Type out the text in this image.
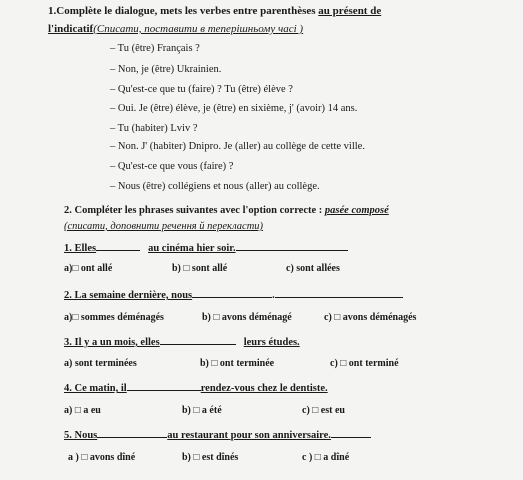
1.Complète le dialogue, mets les verbes entre parenthèses au présent de
l'indicatif(Списати, поставити в теперішньому часі )
– Tu (être) Français ?
– Non, je (être) Ukrainien.
– Qu'est-ce que tu (faire) ? Tu (être) élève ?
– Oui. Je (être) élève, je (être) en sixième, j' (avoir) 14 ans.
– Tu (habiter) Lviv ?
– Non. J' (habiter) Dnipro. Je (aller) au collège de cette ville.
– Qu'est-ce que vous (faire) ?
– Nous (être) collégiens et nous (aller) au collège.
2. Compléter les phrases suivantes avec l'option correcte : pasée composé
(списати, доповнити речення й перекласти)
1. Elles	au cinéma hier soir.
a)□ ont allé	b) □ sont allé	c) sont allées
2. La semaine dernière, nous	.
a)□ sommes déménagés	b) □ avons déménagé	c) □ avons déménagés
3. Il y a un mois, elles	leurs études.
a) sont terminées	b) □ ont terminée	c) □ ont terminé
4. Ce matin, il	rendez-vous chez le dentiste.
a) □ a eu	b) □ a été	c) □ est eu
5. Nous	au restaurant pour son anniversaire.
a ) □ avons dîné	b) □ est dînés	c ) □ a dîné
